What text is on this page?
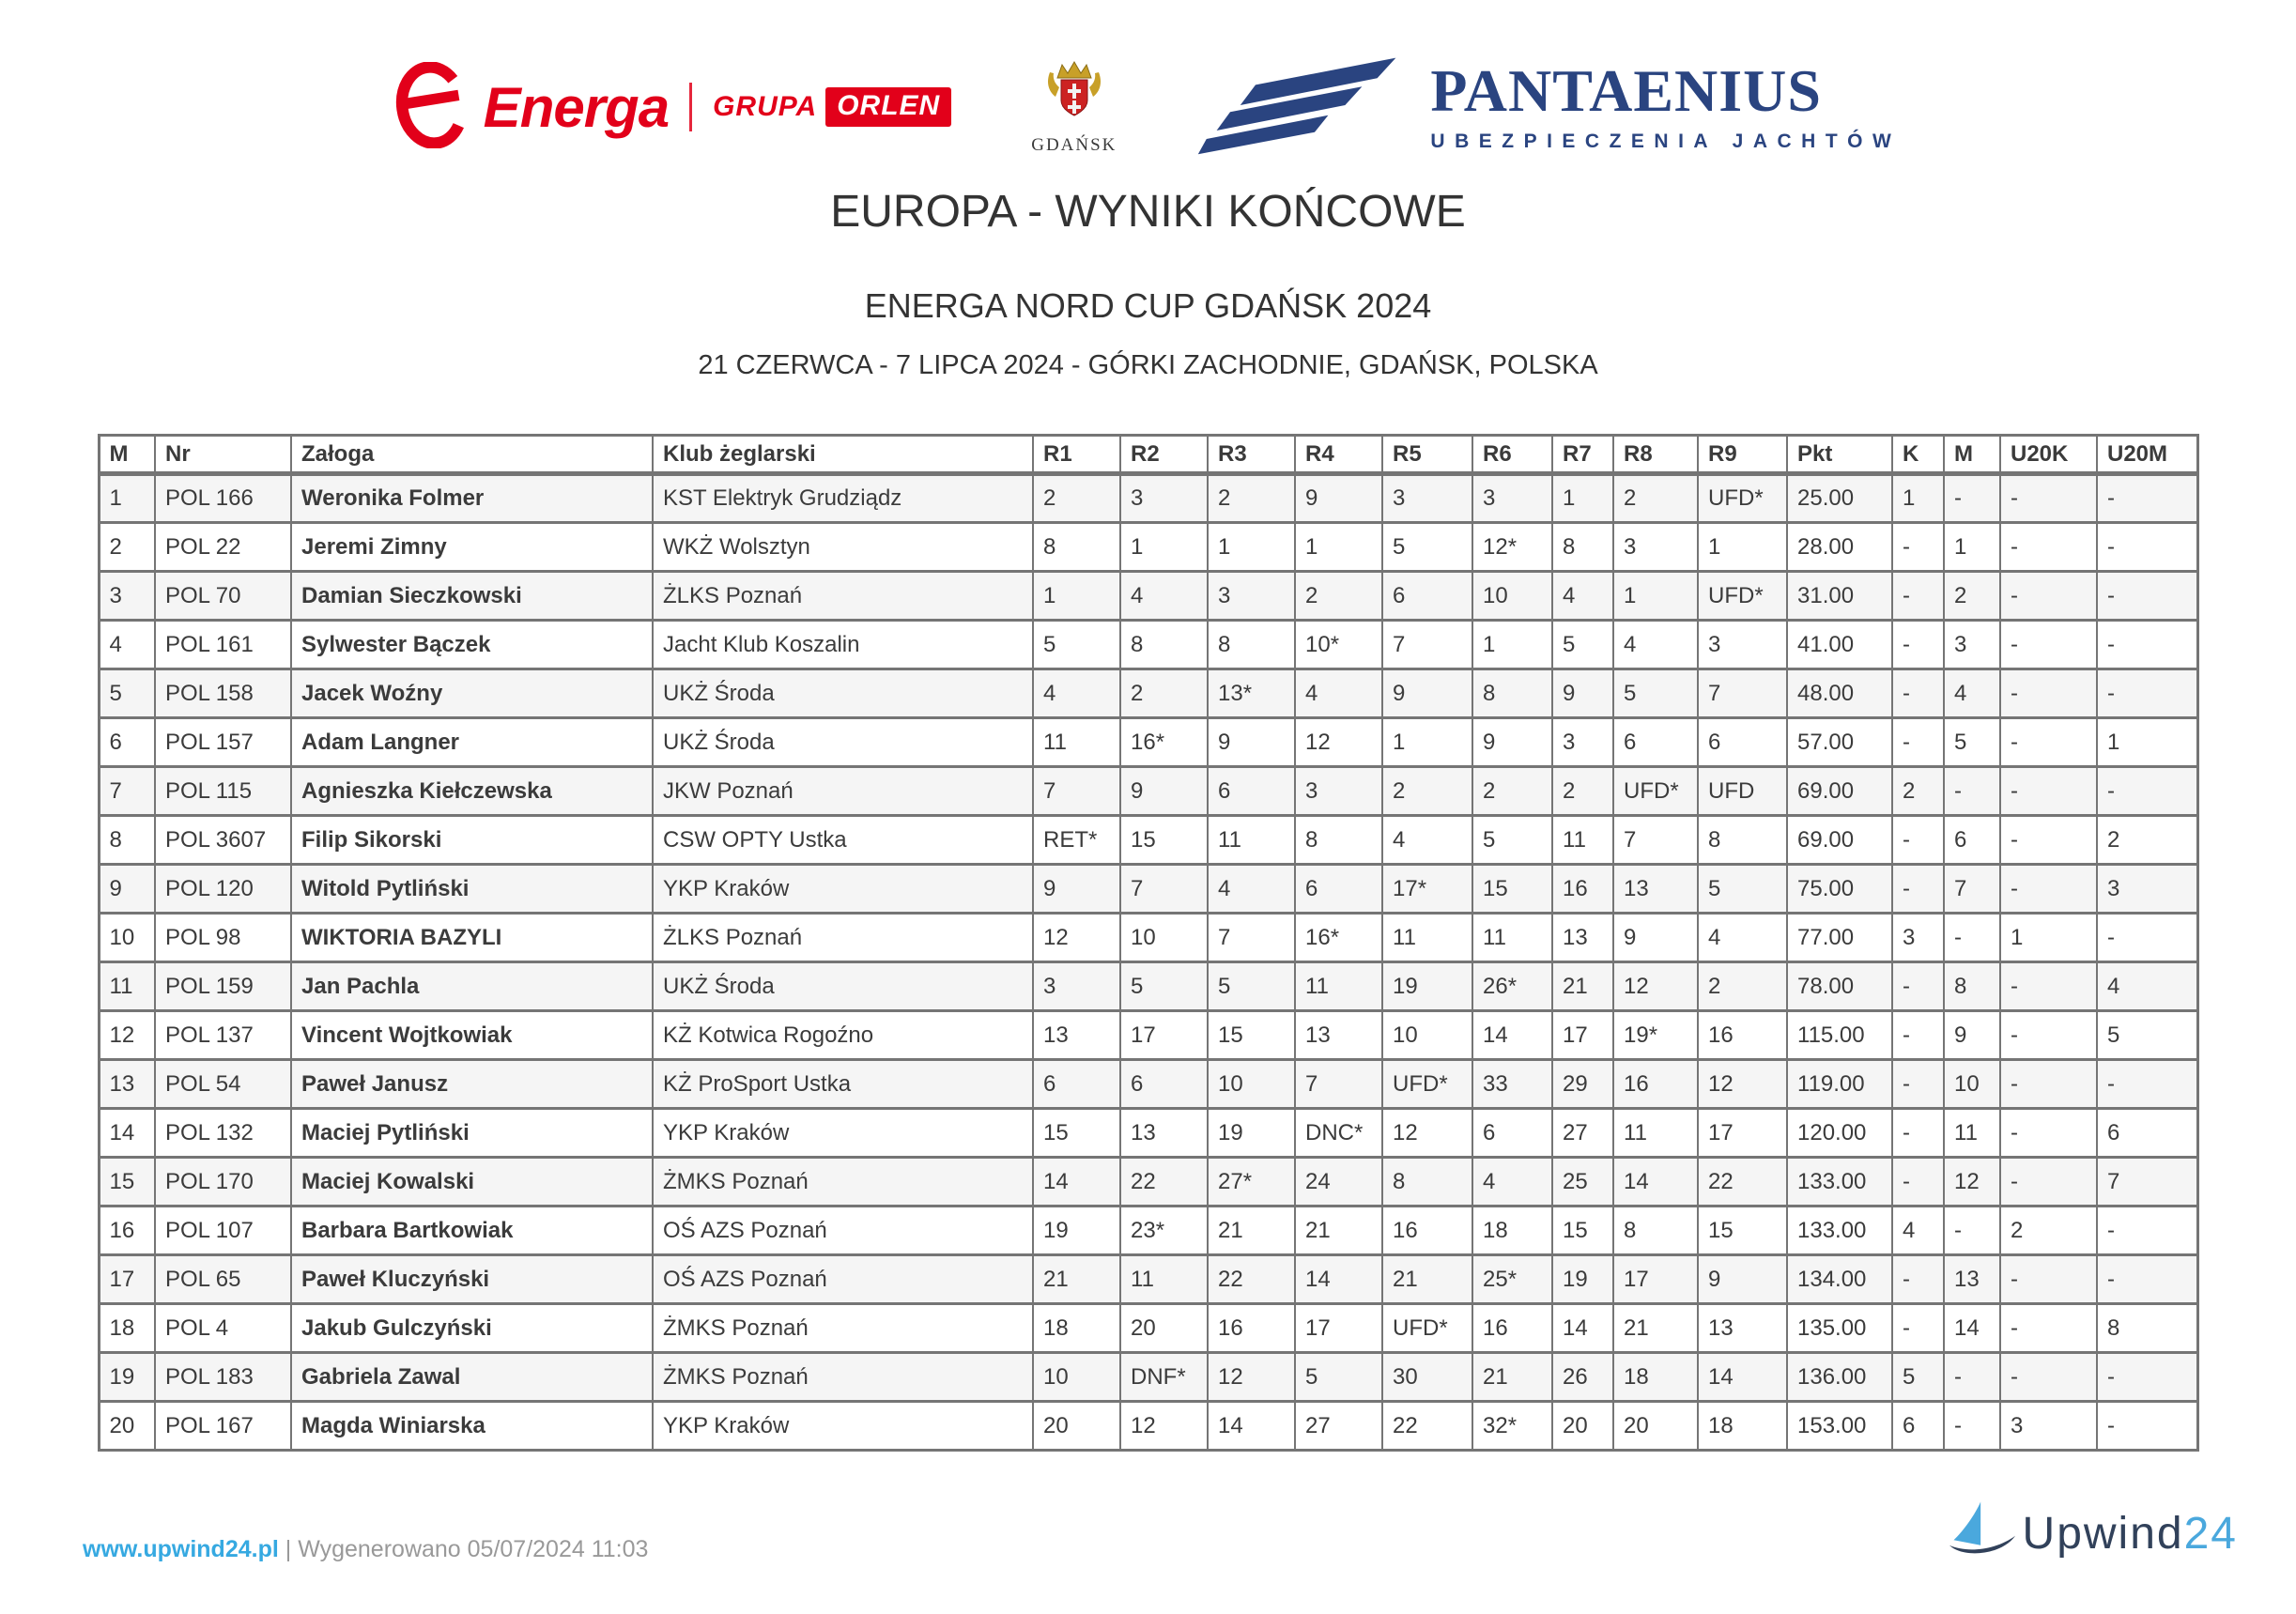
Energa GRUPA ORLEN
GDAŃSK
PANTAENIUS
UBEZPIECZENIA JACHTÓW
EUROPA - WYNIKI KOŃCOWE
ENERGA NORD CUP GDAŃSK 2024
21 CZERWCA - 7 LIPCA 2024 - GÓRKI ZACHODNIE, GDAŃSK, POLSKA
M	Nr	Załoga	Klub żeglarski	R1	R2	R3	R4	R5	R6	R7	R8	R9	Pkt	K	M	U20K	U20M
1	POL 166	Weronika Folmer	KST Elektryk Grudziądz	2	3	2	9	3	3	1	2	UFD*	25.00	1	-	-	-
2	POL 22	Jeremi Zimny	WKŻ Wolsztyn	8	1	1	1	5	12*	8	3	1	28.00	-	1	-	-
3	POL 70	Damian Sieczkowski	ŻLKS Poznań	1	4	3	2	6	10	4	1	UFD*	31.00	-	2	-	-
4	POL 161	Sylwester Bączek	Jacht Klub Koszalin	5	8	8	10*	7	1	5	4	3	41.00	-	3	-	-
5	POL 158	Jacek Woźny	UKŻ Środa	4	2	13*	4	9	8	9	5	7	48.00	-	4	-	-
6	POL 157	Adam Langner	UKŻ Środa	11	16*	9	12	1	9	3	6	6	57.00	-	5	-	1
7	POL 115	Agnieszka Kiełczewska	JKW Poznań	7	9	6	3	2	2	2	UFD*	UFD	69.00	2	-	-	-
8	POL 3607	Filip Sikorski	CSW OPTY Ustka	RET*	15	11	8	4	5	11	7	8	69.00	-	6	-	2
9	POL 120	Witold Pytliński	YKP Kraków	9	7	4	6	17*	15	16	13	5	75.00	-	7	-	3
10	POL 98	WIKTORIA BAZYLI	ŻLKS Poznań	12	10	7	16*	11	11	13	9	4	77.00	3	-	1	-
11	POL 159	Jan Pachla	UKŻ Środa	3	5	5	11	19	26*	21	12	2	78.00	-	8	-	4
12	POL 137	Vincent Wojtkowiak	KŻ Kotwica Rogoźno	13	17	15	13	10	14	17	19*	16	115.00	-	9	-	5
13	POL 54	Paweł Janusz	KŻ ProSport Ustka	6	6	10	7	UFD*	33	29	16	12	119.00	-	10	-	-
14	POL 132	Maciej Pytliński	YKP Kraków	15	13	19	DNC*	12	6	27	11	17	120.00	-	11	-	6
15	POL 170	Maciej Kowalski	ŻMKS Poznań	14	22	27*	24	8	4	25	14	22	133.00	-	12	-	7
16	POL 107	Barbara Bartkowiak	OŚ AZS Poznań	19	23*	21	21	16	18	15	8	15	133.00	4	-	2	-
17	POL 65	Paweł Kluczyński	OŚ AZS Poznań	21	11	22	14	21	25*	19	17	9	134.00	-	13	-	-
18	POL 4	Jakub Gulczyński	ŻMKS Poznań	18	20	16	17	UFD*	16	14	21	13	135.00	-	14	-	8
19	POL 183	Gabriela Zawal	ŻMKS Poznań	10	DNF*	12	5	30	21	26	18	14	136.00	5	-	-	-
20	POL 167	Magda Winiarska	YKP Kraków	20	12	14	27	22	32*	20	20	18	153.00	6	-	3	-
www.upwind24.pl | Wygenerowano 05/07/2024 11:03	Upwind24
